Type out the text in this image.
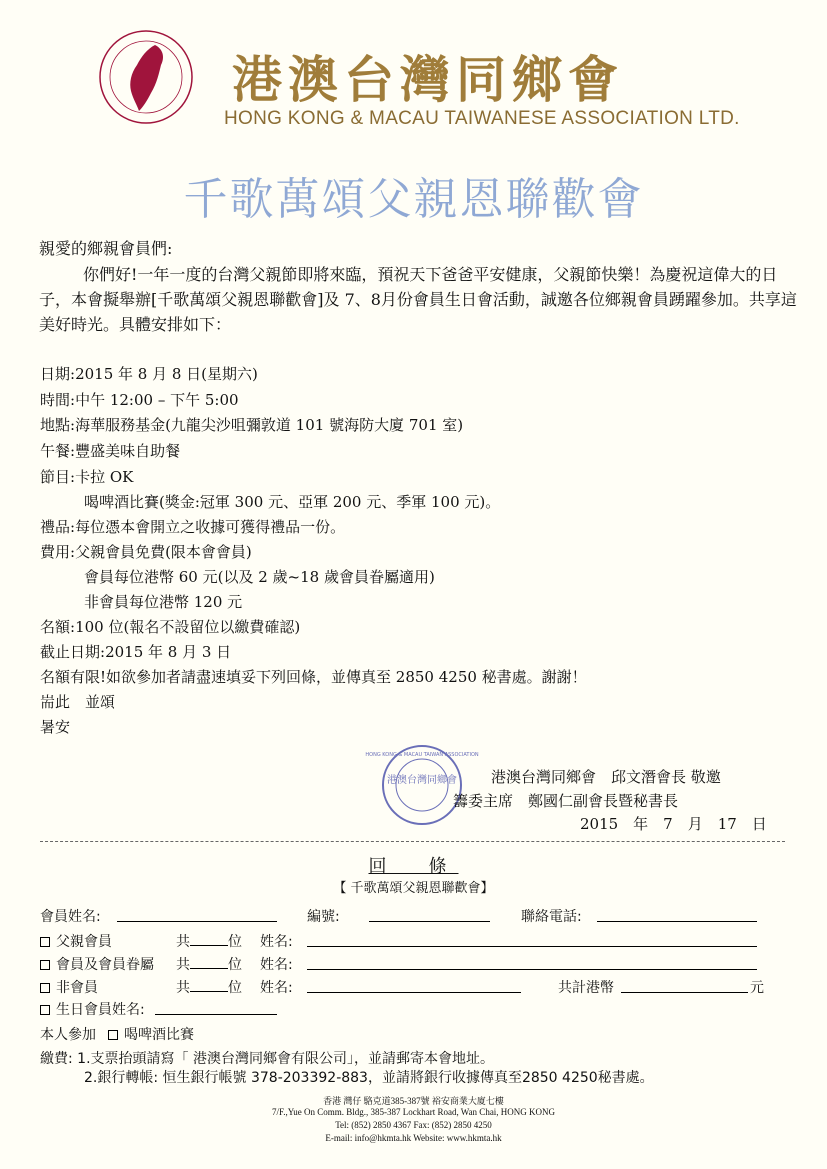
港澳台灣同鄉會
HONG KONG & MACAU TAIWANESE ASSOCIATION LTD.
千歌萬頌父親恩聯歡會
親愛的鄉親會員們:
你們好!一年一度的台灣父親節即將來臨，預祝天下爸爸平安健康，父親節快樂！為慶祝這偉大的日子，本會擬舉辦[千歌萬頌父親恩聯歡會]及 7、8月份會員生日會活動，誠邀各位鄉親會員踴躍參加。共享這美好時光。具體安排如下：
日期:2015 年 8 月 8 日(星期六)
時間:中午 12:00 – 下午 5:00
地點:海華服務基金(九龍尖沙咀彌敦道 101 號海防大廈 701 室)
午餐:豐盛美味自助餐
節目:卡拉 OK
喝啤酒比賽(獎金:冠軍 300 元、亞軍 200 元、季軍 100 元)。
禮品:每位憑本會開立之收據可獲得禮品一份。
費用:父親會員免費(限本會會員)
會員每位港幣 60 元(以及 2 歲~18 歲會員眷屬適用)
非會員每位港幣 120 元
名額:100 位(報名不設留位以繳費確認)
截止日期:2015 年 8 月 3 日
名額有限!如欲參加者請盡速填妥下列回條，並傳真至 2850 4250 秘書處。謝謝！
耑此　並頌
暑安
港澳台灣同鄉會
HONG KONG & MACAU TAIWAN ASSOCIATION
港澳台灣同鄉會　邱文潛會長 敬邀
籌委主席　鄭國仁副會長暨秘書長
2015　年　7　月　17　日
回　條
【 千歌萬頌父親恩聯歡會】
會員姓名:	編號:	聯絡電話:
父親會員	共	位 姓名:
會員及會員眷屬 共	位 姓名:
非會員	共	位 姓名:	共計港幣	元
生日會員姓名:
本人參加	喝啤酒比賽
繳費: 1.支票抬頭請寫「 港澳台灣同鄉會有限公司」，並請郵寄本會地址。
2.銀行轉帳: 恒生銀行帳號 378-203392-883，並請將銀行收據傳真至2850 4250秘書處。
香港 灣仔 駱克道385-387號 裕安商業大廈七樓
7/F.,Yue On Comm. Bldg., 385-387 Lockhart Road, Wan Chai, HONG KONG
Tel: (852) 2850 4367 Fax: (852) 2850 4250
E-mail: info@hkmta.hk Website: www.hkmta.hk
